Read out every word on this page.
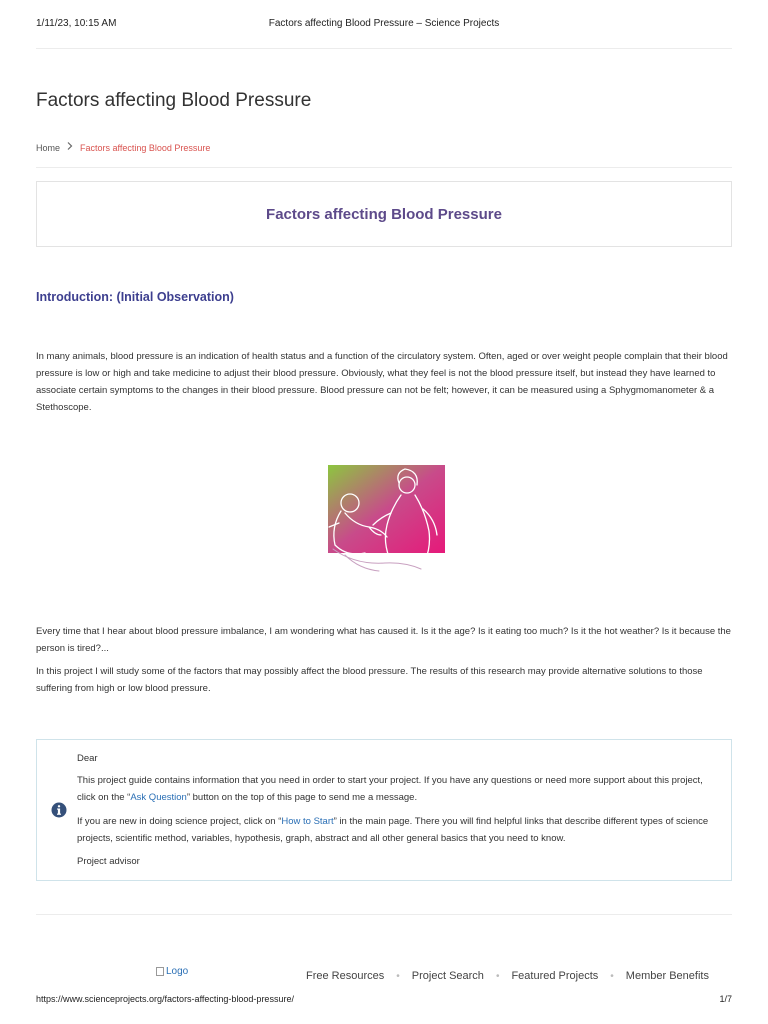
1/11/23, 10:15 AM	Factors affecting Blood Pressure – Science Projects
Factors affecting Blood Pressure
Home Factors affecting Blood Pressure
Factors affecting Blood Pressure
Introduction: (Initial Observation)

In many animals, blood pressure is an indication of health status and a function of the circulatory system. Often, aged or over weight people complain that their blood pressure is low or high and take medicine to adjust their blood pressure. Obviously, what they feel is not the blood pressure itself, but instead they have learned to associate certain symptoms to the changes in their blood pressure. Blood pressure can not be felt; however, it can be measured using a Sphygmomanometer & a Stethoscope.

Every time that I hear about blood pressure imbalance, I am wondering what has caused it. Is it the age? Is it eating too much? Is it the hot weather? Is it because the person is tired?...

In this project I will study some of the factors that may possibly affect the blood pressure. The results of this research may provide alternative solutions to those suffering from high or low blood pressure.

Dear

This project guide contains information that you need in order to start your project. If you have any questions or need more support about this project, click on the “Ask Question” button on the top of this page to send me a message.

If you are new in doing science project, click on “How to Start” in the main page. There you will find helpful links that describe different types of science projects, scientific method, variables, hypothesis, graph, abstract and all other general basics that you need to know.

Project advisor

Logo	Free Resources • Project Search • Featured Projects • Member Benefits
https://www.scienceprojects.org/factors-affecting-blood-pressure/	1/7
